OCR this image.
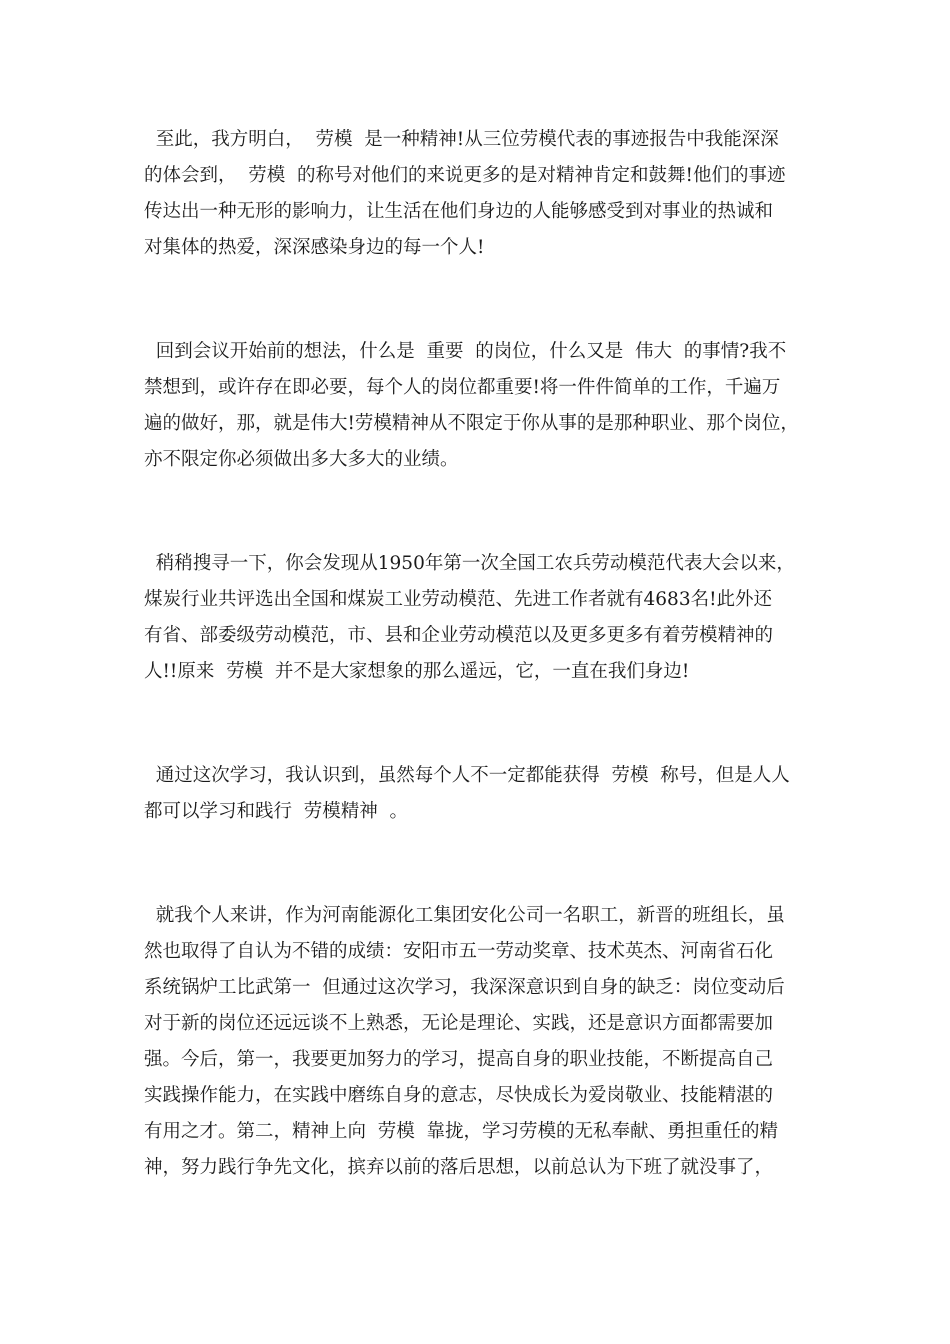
至此，我方明白，  劳模  是一种精神!从三位劳模代表的事迹报告中我能深深
的体会到，  劳模  的称号对他们的来说更多的是对精神肯定和鼓舞!他们的事迹
传达出一种无形的影响力，让生活在他们身边的人能够感受到对事业的热诚和
对集体的热爱，深深感染身边的每一个人!
回到会议开始前的想法，什么是  重要  的岗位，什么又是  伟大  的事情?我不
禁想到，或许存在即必要，每个人的岗位都重要!将一件件简单的工作，千遍万
遍的做好，那，就是伟大!劳模精神从不限定于你从事的是那种职业、那个岗位，
亦不限定你必须做出多大多大的业绩。
稍稍搜寻一下，你会发现从1950年第一次全国工农兵劳动模范代表大会以来，
煤炭行业共评选出全国和煤炭工业劳动模范、先进工作者就有4683名!此外还
有省、部委级劳动模范，市、县和企业劳动模范以及更多更多有着劳模精神的
人!!原来  劳模  并不是大家想象的那么遥远，它，一直在我们身边!
通过这次学习，我认识到，虽然每个人不一定都能获得  劳模  称号，但是人人
都可以学习和践行  劳模精神  。
就我个人来讲，作为河南能源化工集团安化公司一名职工，新晋的班组长，虽
然也取得了自认为不错的成绩：安阳市五一劳动奖章、技术英杰、河南省石化
系统锅炉工比武第一  但通过这次学习，我深深意识到自身的缺乏：岗位变动后
对于新的岗位还远远谈不上熟悉，无论是理论、实践，还是意识方面都需要加
强。今后，第一，我要更加努力的学习，提高自身的职业技能，不断提高自己
实践操作能力，在实践中磨练自身的意志，尽快成长为爱岗敬业、技能精湛的
有用之才。第二，精神上向  劳模  靠拢，学习劳模的无私奉献、勇担重任的精
神，努力践行争先文化，摈弃以前的落后思想，以前总认为下班了就没事了，
